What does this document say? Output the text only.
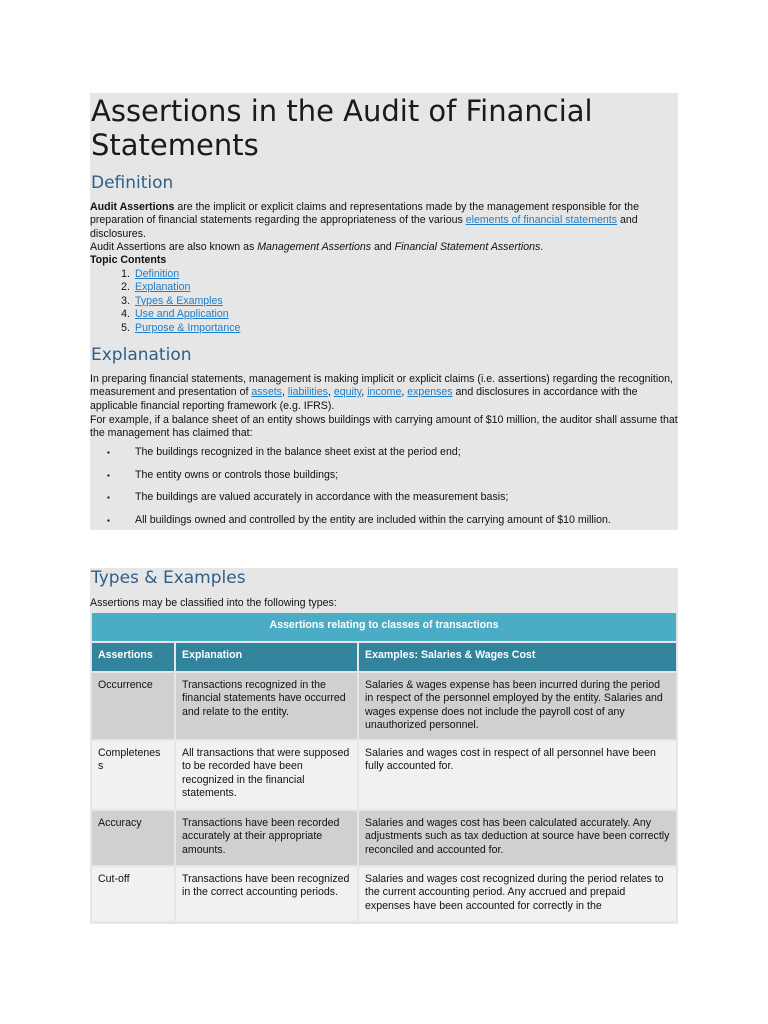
Assertions in the Audit of Financial Statements
Definition

Audit Assertions are the implicit or explicit claims and representations made by the management responsible for the preparation of financial statements regarding the appropriateness of the various elements of financial statements and disclosures.

Audit Assertions are also known as Management Assertions and Financial Statement Assertions.

Topic Contents

1. Definition
2. Explanation
3. Types & Examples
4. Use and Application
5. Purpose & Importance
Explanation

In preparing financial statements, management is making implicit or explicit claims (i.e. assertions) regarding the recognition, measurement and presentation of assets, liabilities, equity, income, expenses and disclosures in accordance with the applicable financial reporting framework (e.g. IFRS).

For example, if a balance sheet of an entity shows buildings with carrying amount of $10 million, the auditor shall assume that the management has claimed that:

▪ The buildings recognized in the balance sheet exist at the period end;
▪ The entity owns or controls those buildings;
▪ The buildings are valued accurately in accordance with the measurement basis;
▪ All buildings owned and controlled by the entity are included within the carrying amount of $10 million.
Types & Examples

Assertions may be classified into the following types:

Assertions relating to classes of transactions		
Assertions	Explanation	Examples: Salaries & Wages Cost
Occurrence	Transactions recognized in the financial statements have occurred and relate to the entity.	Salaries & wages expense has been incurred during the period in respect of the personnel employed by the entity. Salaries and wages expense does not include the payroll cost of any unauthorized personnel.
Completenes s	All transactions that were supposed to be recorded have been recognized in the financial statements.	Salaries and wages cost in respect of all personnel have been fully accounted for.
Accuracy	Transactions have been recorded accurately at their appropriate amounts.	Salaries and wages cost has been calculated accurately. Any adjustments such as tax deduction at source have been correctly reconciled and accounted for.
Cut-off	Transactions have been recognized in the correct accounting periods.	Salaries and wages cost recognized during the period relates to the current accounting period. Any accrued and prepaid expenses have been accounted for correctly in the
